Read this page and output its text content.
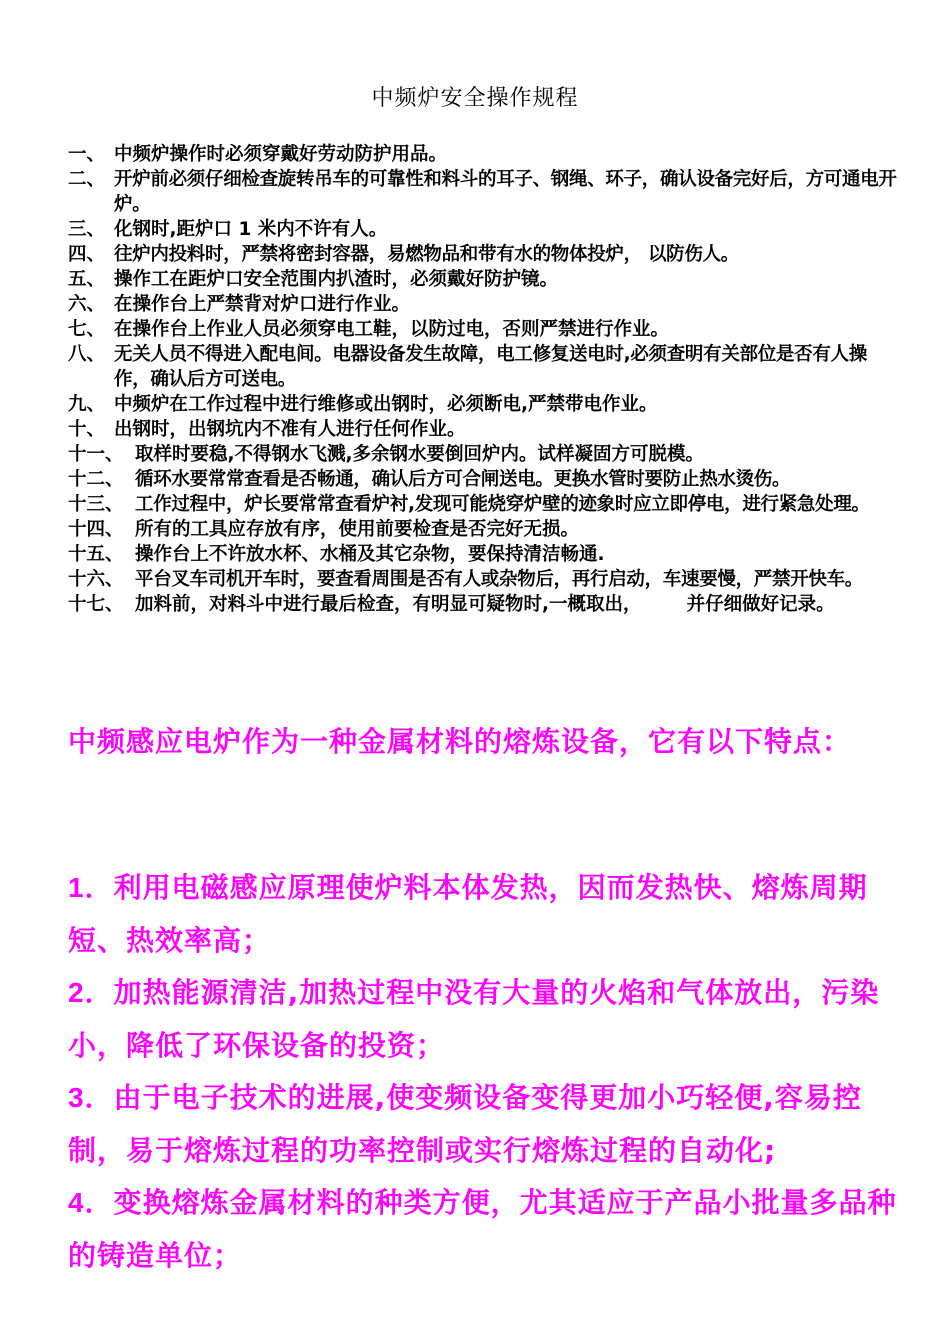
中频炉安全操作规程
一、 中频炉操作时必须穿戴好劳动防护用品。
二、 开炉前必须仔细检查旋转吊车的可靠性和料斗的耳子、钢绳、环子，确认设备完好后，方可通电开炉。
三、 化钢时,距炉口 1 米内不许有人。
四、 往炉内投料时，严禁将密封容器，易燃物品和带有水的物体投炉， 以防伤人。
五、 操作工在距炉口安全范围内扒渣时，必须戴好防护镜。
六、 在操作台上严禁背对炉口进行作业。
七、 在操作台上作业人员必须穿电工鞋，以防过电，否则严禁进行作业。
八、 无关人员不得进入配电间。电器设备发生故障，电工修复送电时,必须查明有关部位是否有人操作，确认后方可送电。
九、 中频炉在工作过程中进行维修或出钢时，必须断电,严禁带电作业。
十、 出钢时，出钢坑内不准有人进行任何作业。
十一、 取样时要稳,不得钢水飞溅,多余钢水要倒回炉内。试样凝固方可脱模。
十二、 循环水要常常查看是否畅通，确认后方可合闸送电。更换水管时要防止热水烫伤。
十三、 工作过程中，炉长要常常查看炉衬,发现可能烧穿炉壁的迹象时应立即停电，进行紧急处理。
十四、 所有的工具应存放有序，使用前要检查是否完好无损。
十五、 操作台上不许放水杯、水桶及其它杂物，要保持清洁畅通.
十六、 平台叉车司机开车时，要查看周围是否有人或杂物后，再行启动，车速要慢，严禁开快车。
十七、 加料前，对料斗中进行最后检查，有明显可疑物时,一概取出，       并仔细做好记录。
中频感应电炉作为一种金属材料的熔炼设备，它有以下特点：
1．利用电磁感应原理使炉料本体发热，因而发热快、熔炼周期短、热效率高；
2．加热能源清洁,加热过程中没有大量的火焰和气体放出，污染小，降低了环保设备的投资；
3．由于电子技术的进展,使变频设备变得更加小巧轻便,容易控制，易于熔炼过程的功率控制或实行熔炼过程的自动化;
4．变换熔炼金属材料的种类方便，尤其适应于产品小批量多品种的铸造单位；
